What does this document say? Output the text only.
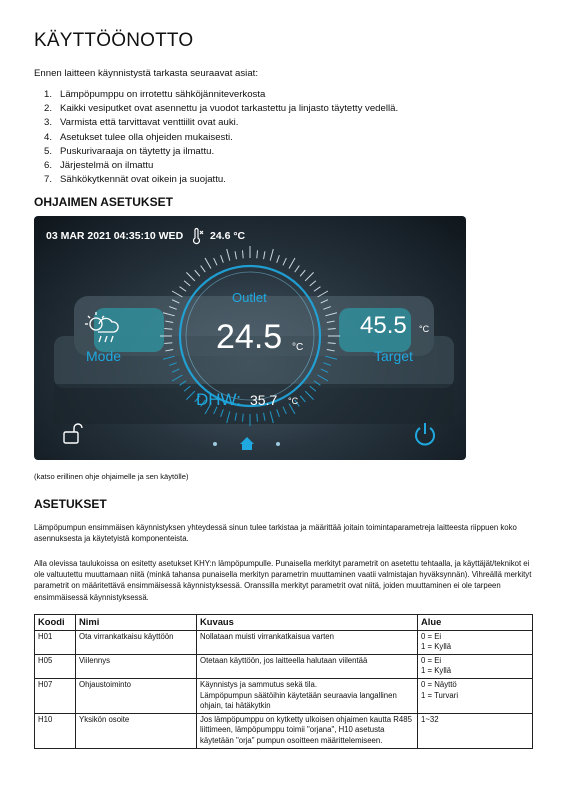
KÄYTTÖÖNOTTO

Ennen laitteen käynnistystä tarkasta seuraavat asiat:

1. Lämpöpumppu on irrotettu sähköjänniteverkosta
2. Kaikki vesiputket ovat asennettu ja vuodot tarkastettu ja linjasto täytetty vedellä.
3. Varmista että tarvittavat venttiilit ovat auki.
4. Asetukset tulee olla ohjeiden mukaisesti.
5. Puskurivaraaja on täytetty ja ilmattu.
6. Järjestelmä on ilmattu
7. Sähkökytkennät ovat oikein ja suojattu.
OHJAIMEN ASETUKSET
03 MAR 2021 04:35:10 WED	24.6 °C
Outlet
24.5 °C
45.5 °C
Target
Mode
DHW: 35.7 °C
(katso erillinen ohje ohjaimelle ja sen käytölle)
ASETUKSET

Lämpöpumpun ensimmäisen käynnistyksen yhteydessä sinun tulee tarkistaa ja määrittää joitain toimintaparametreja laitteesta riippuen koko asennuksesta ja käytetyistä komponenteista.

Alla olevissa taulukoissa on esitetty asetukset KHY:n lämpöpumpulle. Punaisella merkityt parametrit on asetettu tehtaalla, ja käyttäjät/teknikot ei ole valtuutettu muuttamaan niitä (minkä tahansa punaisella merkityn parametrin muuttaminen vaatii valmistajan hyväksynnän). Vihreällä merkityt parametrit on määritettävä ensimmäisessä käynnistyksessä. Oranssilla merkityt parametrit ovat niitä, joiden muuttaminen ei ole tarpeen ensimmäisessä käynnistyksessä.

Koodi	Nimi	Kuvaus	Alue
H01	Ota virrankatkaisu käyttöön	Nollataan muisti virrankatkaisua varten	0 = Ei
1 = Kyllä
H05	Viilennys	Otetaan käyttöön, jos laitteella halutaan viilentää	0 = Ei
1 = Kyllä
H07	Ohjaustoiminto	Käynnistys ja sammutus sekä tila.
Lämpöpumpun säätöihin käytetään seuraavia langallinen ohjain, tai hätäkytkin	0 = Näyttö
1 = Turvari
H10	Yksikön osoite	Jos lämpöpumppu on kytketty ulkoisen ohjaimen kautta R485 liittimeen, lämpöpumppu toimii "orjana", H10 asetusta käytetään "orja" pumpun osoitteen määrittelemiseen.	1~32
